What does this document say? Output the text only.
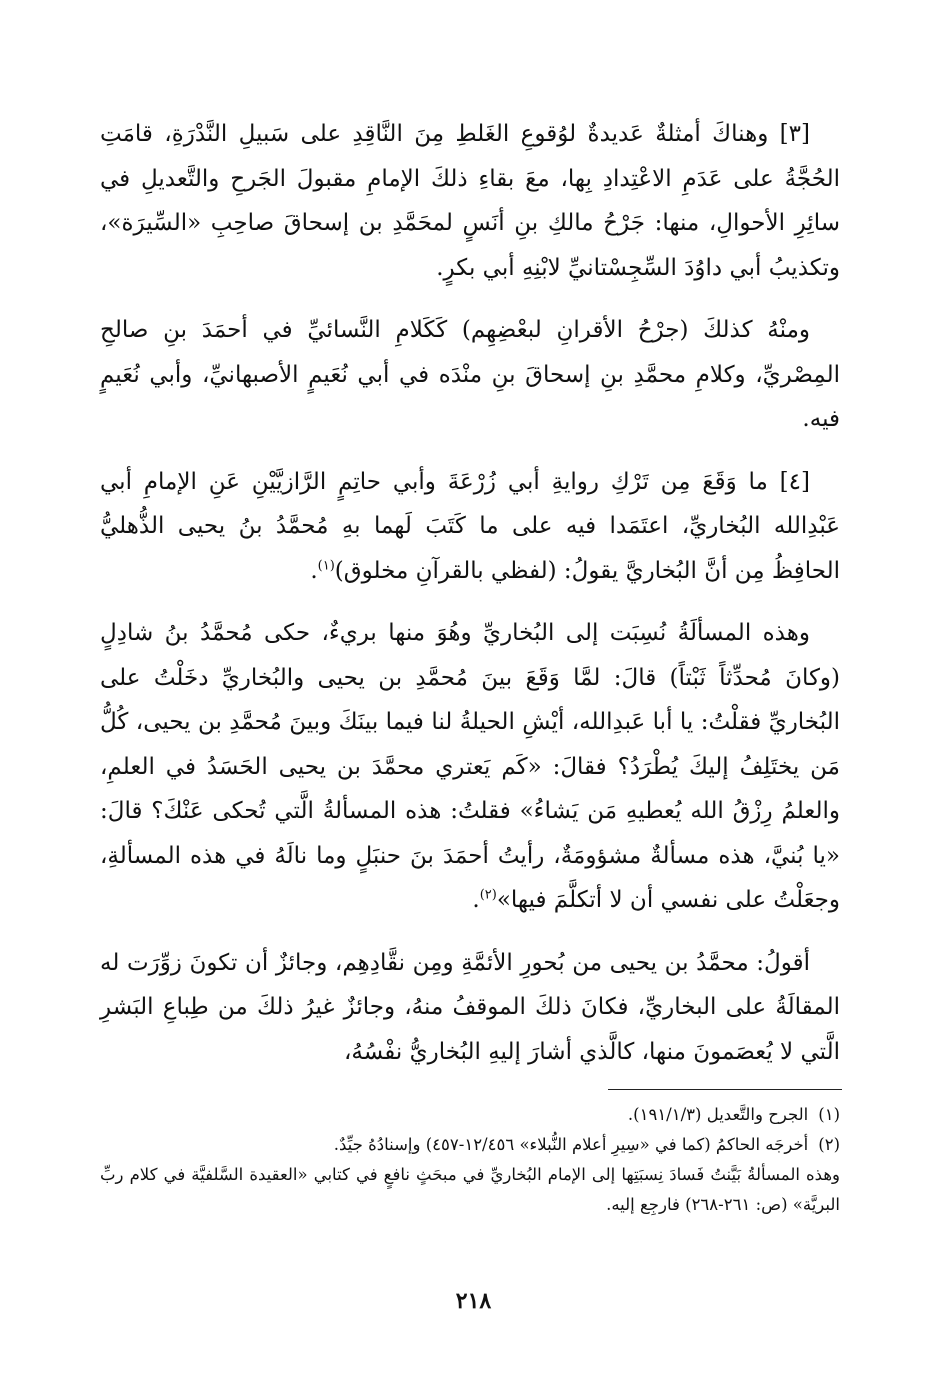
[٣] وهناكَ أمثلةٌ عَديدةٌ لوُقوعِ الغَلطِ مِنَ النَّاقِدِ على سَبيلِ النَّدْرَةِ، قامَتِ الحُجَّةُ على عَدَمِ الاعْتِدادِ بِها، معَ بقاءِ ذلكَ الإمامِ مقبولَ الجَرحِ والتَّعديلِ في سائِرِ الأحوالِ، منها: جَرْحُ مالكِ بنِ أنَسٍ لمحَمَّدِ بن إسحاقَ صاحِبِ «السِّيرَة»، وتكذيبُ أبي داوُدَ السِّجِسْتانيِّ لابْنِهِ أبي بكرٍ.

ومنْهُ كذلكَ (جرْحُ الأقرانِ لبعْضِهِم) كَكَلامِ النَّسائيِّ في أحمَدَ بنِ صالحِ المِصْريِّ، وكلامِ محمَّدِ بنِ إسحاقَ بنِ منْدَه في أبي نُعَيمٍ الأصبهانيِّ، وأبي نُعَيمٍ فيه.

[٤] ما وَقَعَ مِن تَرْكِ روايةِ أبي زُرْعَةَ وأبي حاتِمٍ الرَّازيَّيْنِ عَنِ الإمامِ أبي عَبْدِالله البُخاريِّ، اعتَمَدا فيه على ما كَتَبَ لَهما بهِ مُحمَّدُ بنُ يحيى الذُّهليُّ الحافِظُ مِن أنَّ البُخاريَّ يقولُ: (لفظي بالقرآنِ مخلوق)$^{(١)}$.

وهذه المسألَةُ نُسِبَت إلى البُخاريِّ وهُوَ منها بريءٌ، حكى مُحمَّدُ بنُ شادِلٍ (وكانَ مُحدِّثاً ثَبْتاً) قالَ: لمَّا وَقَعَ بينَ مُحمَّدِ بن يحيى والبُخاريِّ دخَلْتُ على البُخاريِّ فقلْتُ: يا أبا عَبدِالله، أيْشِ الحيلةُ لنا فيما بينَكَ وبينَ مُحمَّدِ بن يحيى، كُلُّ مَن يختَلِفُ إليكَ يُطْرَدُ؟ فقالَ: «كَم يَعتري محمَّدَ بن يحيى الحَسَدُ في العلمِ، والعلمُ رِزْقُ الله يُعطيهِ مَن يَشاءُ» فقلتُ: هذه المسألةُ الَّتي تُحكى عَنْكَ؟ قالَ: «يا بُنيَّ، هذه مسألةٌ مشؤومَةٌ، رأيتُ أحمَدَ بنَ حنبَلٍ وما نالَهُ في هذه المسألةِ، وجعَلْتُ على نفسي أن لا أتكلَّمَ فيها»$^{(٢)}$.

أقولُ: محمَّدُ بن يحيى من بُحورِ الأئمَّةِ ومِن نقَّادِهِم، وجائزٌ أن تكونَ زوِّرَت له المقالَةُ على البخاريِّ، فكانَ ذلكَ الموقفُ منهُ، وجائزٌ غيرُ ذلكَ من طِباعِ البَشرِ الَّتي لا يُعصَمونَ منها، كالَّذي أشارَ إليهِ البُخاريُّ نفْسُهُ،

(١)الجرح والتَّعديل (١٩١/١/٣).

(٢)أخرجَه الحاكمُ (كما في «سِيرِ أعلام النُّبلاء» ١٢/٤٥٦-٤٥٧) وإسنادُهُ جيِّدٌ.

وهذه المسألةُ بَيَّنتُ فَسادَ نِسبَتِها إلى الإمام البُخاريِّ في مبحَثٍ نافعٍ في كتابي «العقيدة السَّلفيَّة في كلام ربِّ البريَّة» (ص: ٢٦١-٢٦٨) فارجِع إليه.

٢١٨
